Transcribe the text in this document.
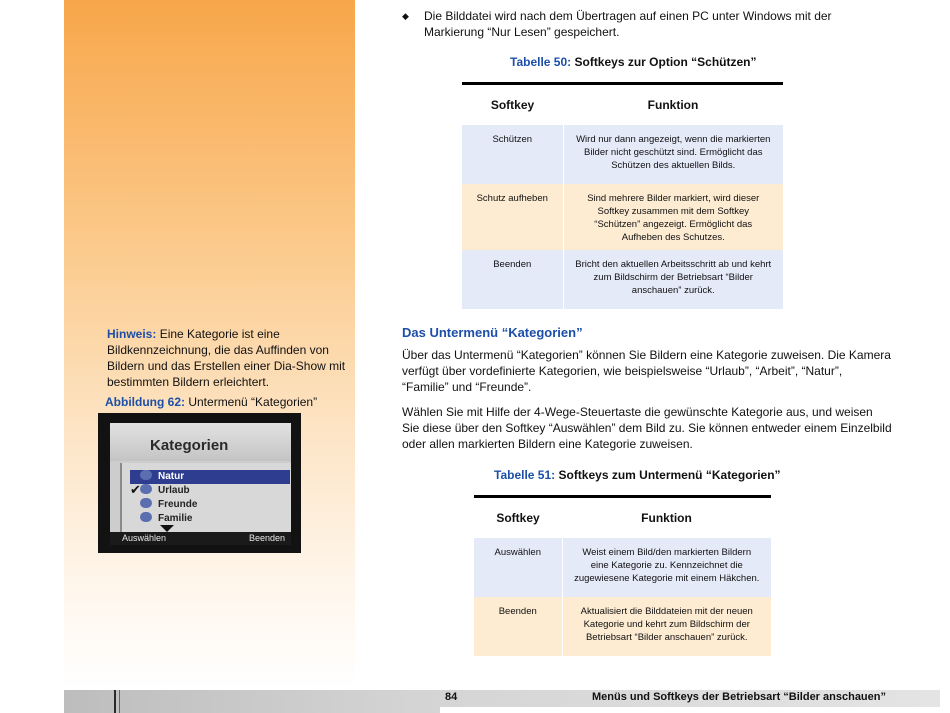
◆ Die Bilddatei wird nach dem Übertragen auf einen PC unter Windows mit der Markierung “Nur Lesen” gespeichert.
Tabelle 50: Softkeys zur Option “Schützen”
Softkey	Funktion
Schützen	Wird nur dann angezeigt, wenn die markierten Bilder nicht geschützt sind. Ermöglicht das Schützen des aktuellen Bilds.
Schutz aufheben	Sind mehrere Bilder markiert, wird dieser Softkey zusammen mit dem Softkey “Schützen” angezeigt. Ermöglicht das Aufheben des Schutzes.
Beenden	Bricht den aktuellen Arbeitsschritt ab und kehrt zum Bildschirm der Betriebsart “Bilder anschauen” zurück.
Das Untermenü “Kategorien”
Über das Untermenü “Kategorien” können Sie Bildern eine Kategorie zuweisen. Die Kamera verfügt über vordefinierte Kategorien, wie beispielsweise “Urlaub”, “Arbeit”, “Natur”, “Familie” und “Freunde”.
Wählen Sie mit Hilfe der 4-Wege-Steuertaste die gewünschte Kategorie aus, und weisen Sie diese über den Softkey “Auswählen” dem Bild zu. Sie können entweder einem Einzelbild oder allen markierten Bildern eine Kategorie zuweisen.
Tabelle 51: Softkeys zum Untermenü “Kategorien”
Softkey	Funktion
Auswählen	Weist einem Bild/den markierten Bildern eine Kategorie zu. Kennzeichnet die zugewiesene Kategorie mit einem Häkchen.
Beenden	Aktualisiert die Bilddateien mit der neuen Kategorie und kehrt zum Bildschirm der Betriebsart “Bilder anschauen” zurück.
Hinweis: Eine Kategorie ist eine Bildkennzeichnung, die das Auffinden von Bildern und das Erstellen einer Dia-Show mit bestimmten Bildern erleichtert.
Abbildung 62: Untermenü “Kategorien”
Kategorien
Natur
Urlaub
Freunde
Familie
✔
Auswählen	Beenden
84	Menüs und Softkeys der Betriebsart “Bilder anschauen”
